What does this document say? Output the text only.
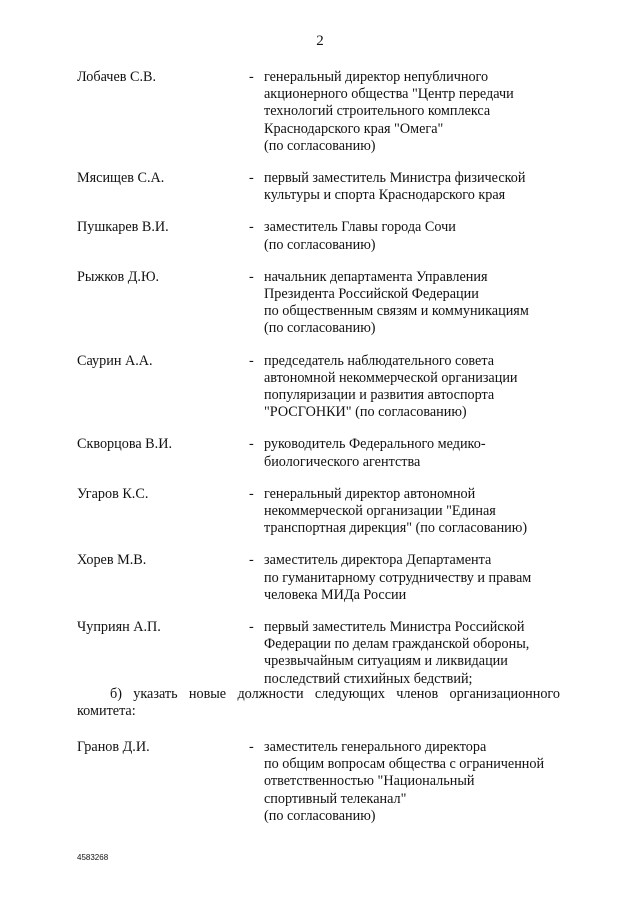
2
Лобачев С.В.	- генеральный директор непубличного
акционерного общества "Центр передачи
технологий строительного комплекса
Краснодарского края "Омега"
(по согласованию)
Мясищев С.А.	- первый заместитель Министра физической
культуры и спорта Краснодарского края
Пушкарев В.И.	- заместитель Главы города Сочи
(по согласованию)
Рыжков Д.Ю.	- начальник департамента Управления
Президента Российской Федерации
по общественным связям и коммуникациям
(по согласованию)
Саурин А.А.	- председатель наблюдательного совета
автономной некоммерческой организации
популяризации и развития автоспорта
"РОСГОНКИ" (по согласованию)
Скворцова В.И.	- руководитель Федерального медико-
биологического агентства
Угаров К.С.	- генеральный директор автономной
некоммерческой организации "Единая
транспортная дирекция" (по согласованию)
Хорев М.В.	- заместитель директора Департамента
по гуманитарному сотрудничеству и правам
человека МИДа России
Чуприян А.П.	- первый заместитель Министра Российской
Федерации по делам гражданской обороны,
чрезвычайным ситуациям и ликвидации
последствий стихийных бедствий;
б) указать новые должности следующих членов организационного
комитета:
Гранов Д.И.	- заместитель генерального директора
по общим вопросам общества с ограниченной
ответственностью "Национальный
спортивный телеканал"
(по согласованию)
4583268
